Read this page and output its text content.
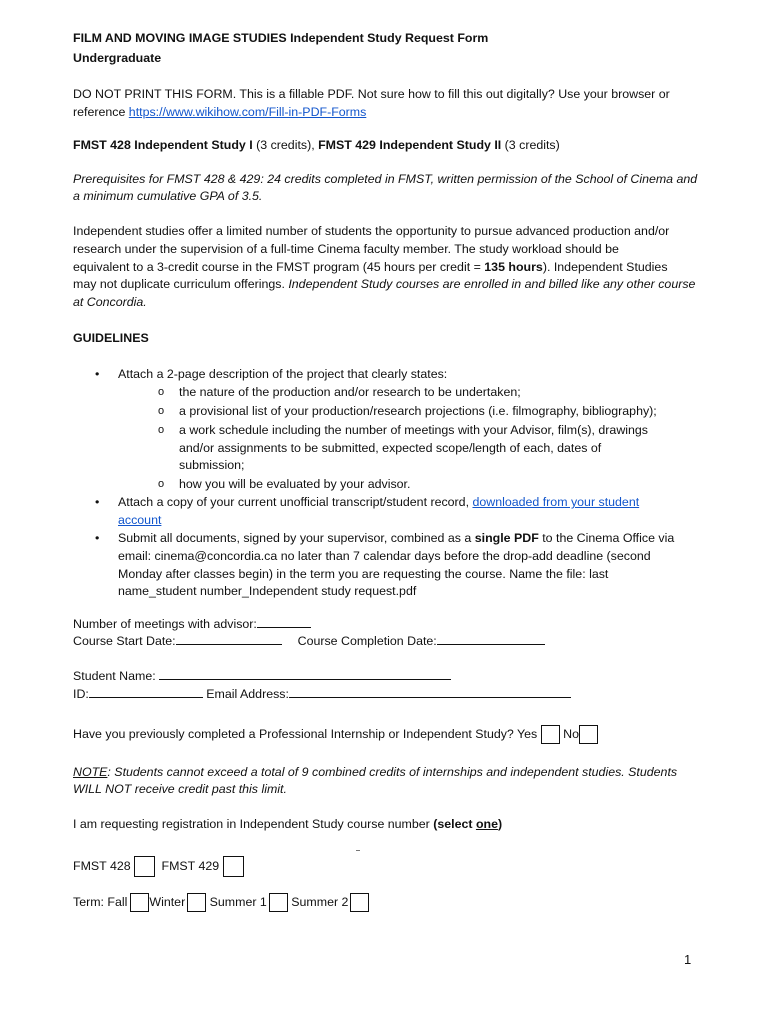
FILM AND MOVING IMAGE STUDIES Independent Study Request Form
Undergraduate
DO NOT PRINT THIS FORM. This is a fillable PDF. Not sure how to fill this out digitally? Use your browser or
reference https://www.wikihow.com/Fill-in-PDF-Forms
FMST 428 Independent Study I (3 credits), FMST 429 Independent Study II (3 credits)
Prerequisites for FMST 428 & 429: 24 credits completed in FMST, written permission of the School of Cinema and
a minimum cumulative GPA of 3.5.
Independent studies offer a limited number of students the opportunity to pursue advanced production and/or
research under the supervision of a full-time Cinema faculty member. The study workload should be
equivalent to a 3-credit course in the FMST program (45 hours per credit = 135 hours). Independent Studies
may not duplicate curriculum offerings. Independent Study courses are enrolled in and billed like any other course
at Concordia.
GUIDELINES
• Attach a 2-page description of the project that clearly states:
o the nature of the production and/or research to be undertaken;
o a provisional list of your production/research projections (i.e. filmography, bibliography);
o a work schedule including the number of meetings with your Advisor, film(s), drawings
and/or assignments to be submitted, expected scope/length of each, dates of
submission;
o how you will be evaluated by your advisor.
• Attach a copy of your current unofficial transcript/student record, downloaded from your student
account
• Submit all documents, signed by your supervisor, combined as a single PDF to the Cinema Office via
email: cinema@concordia.ca no later than 7 calendar days before the drop-add deadline (second
Monday after classes begin) in the term you are requesting the course. Name the file: last
name_student number_Independent study request.pdf
Number of meetings with advisor:
Course Start Date:	Course Completion Date:
Student Name:
ID:	Email Address:
Have you previously completed a Professional Internship or Independent Study? Yes No
NOTE: Students cannot exceed a total of 9 combined credits of internships and independent studies. Students
WILL NOT receive credit past this limit.
I am requesting registration in Independent Study course number (select one)
FMST 428 FMST 429
Term: Fall Winter Summer 1 Summer 2
1
